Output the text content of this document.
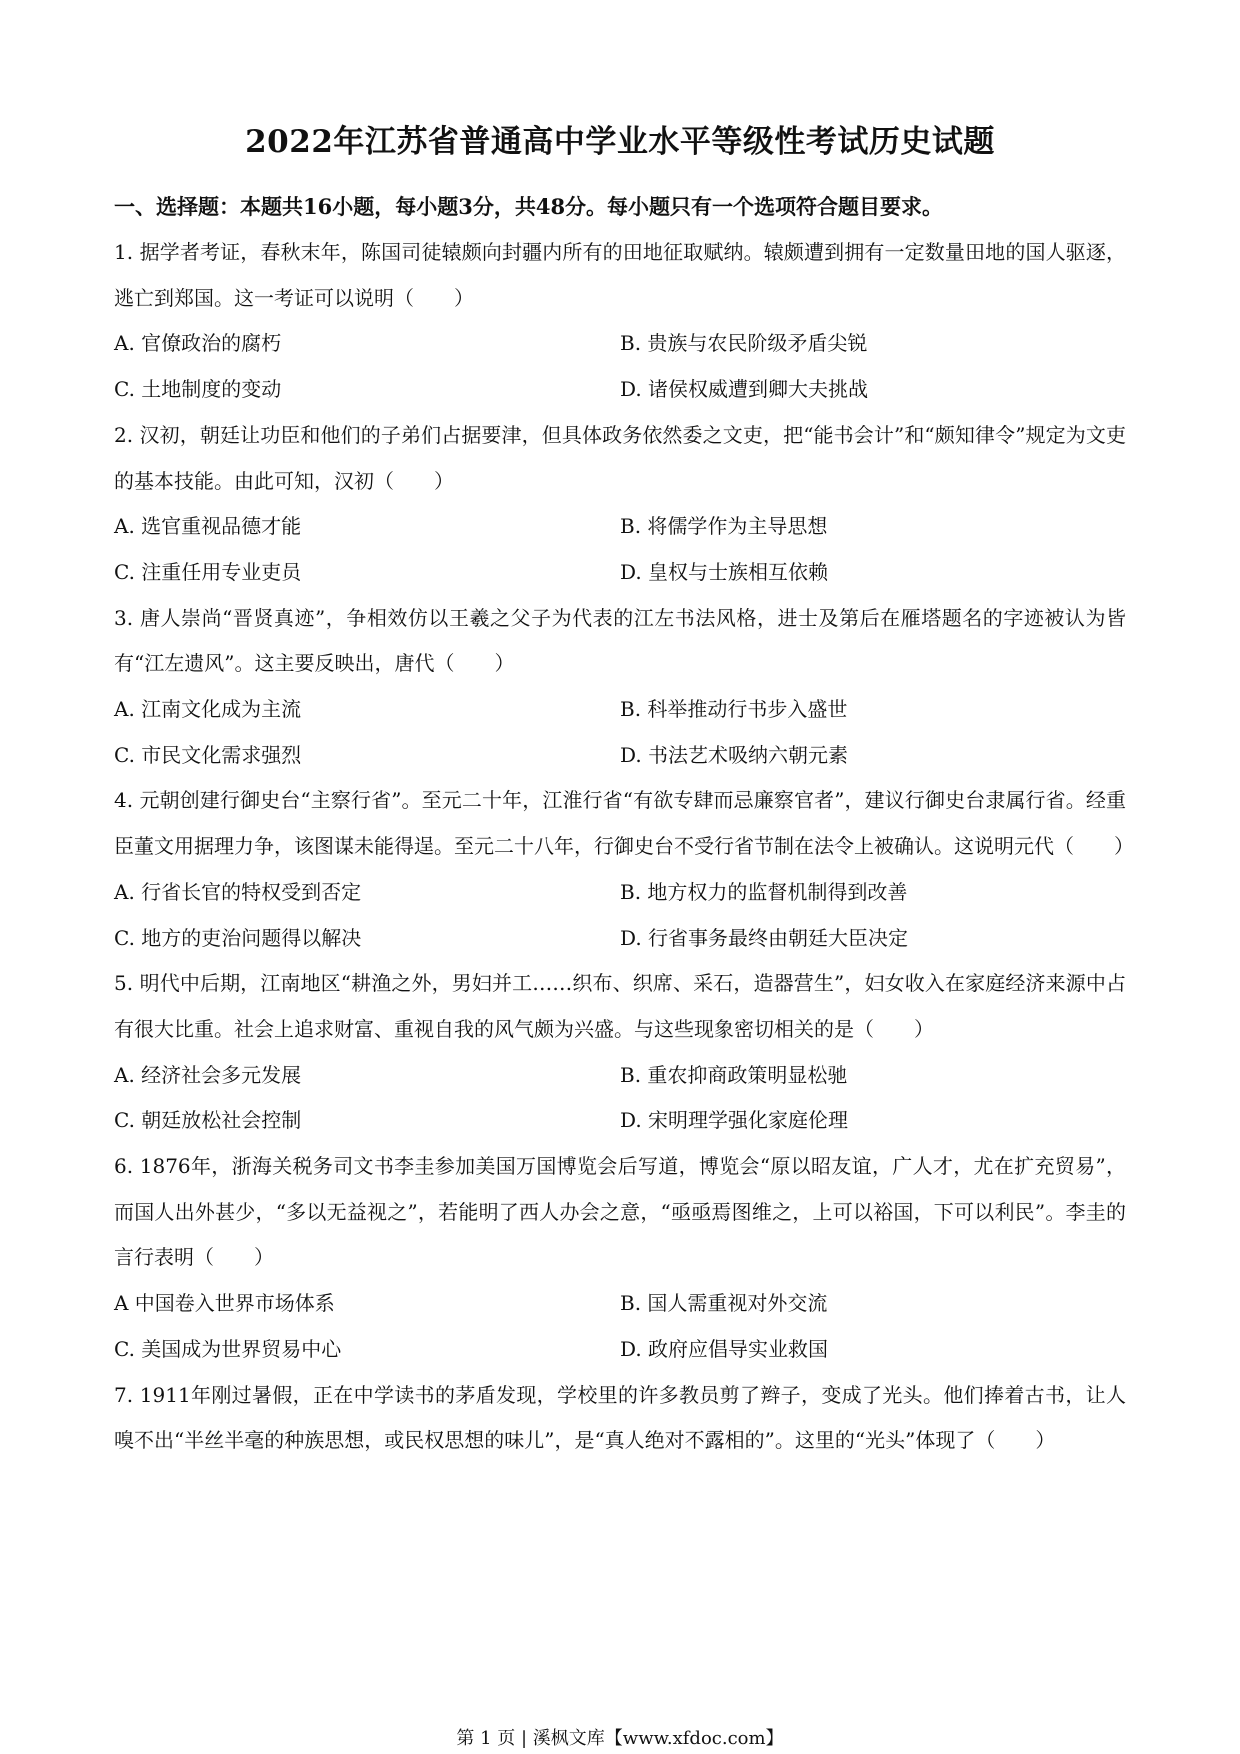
2022年江苏省普通高中学业水平等级性考试历史试题
一、选择题：本题共16小题，每小题3分，共48分。每小题只有一个选项符合题目要求。
1. 据学者考证，春秋末年，陈国司徒辕颇向封疆内所有的田地征取赋纳。辕颇遭到拥有一定数量田地的国人驱逐，逃亡到郑国。这一考证可以说明（　　）
A. 官僚政治的腐朽	B. 贵族与农民阶级矛盾尖锐
C. 土地制度的变动	D. 诸侯权威遭到卿大夫挑战
2. 汉初，朝廷让功臣和他们的子弟们占据要津，但具体政务依然委之文吏，把“能书会计”和“颇知律令”规定为文吏的基本技能。由此可知，汉初（　　）
A. 选官重视品德才能	B. 将儒学作为主导思想
C. 注重任用专业吏员	D. 皇权与士族相互依赖
3. 唐人崇尚“晋贤真迹”，争相效仿以王羲之父子为代表的江左书法风格，进士及第后在雁塔题名的字迹被认为皆有“江左遗风”。这主要反映出，唐代（　　）
A. 江南文化成为主流	B. 科举推动行书步入盛世
C. 市民文化需求强烈	D. 书法艺术吸纳六朝元素
4. 元朝创建行御史台“主察行省”。至元二十年，江淮行省“有欲专肆而忌廉察官者”，建议行御史台隶属行省。经重臣董文用据理力争，该图谋未能得逞。至元二十八年，行御史台不受行省节制在法令上被确认。这说明元代（　　）
A. 行省长官的特权受到否定	B. 地方权力的监督机制得到改善
C. 地方的吏治问题得以解决	D. 行省事务最终由朝廷大臣决定
5. 明代中后期，江南地区“耕渔之外，男妇并工……织布、织席、采石，造器营生”，妇女收入在家庭经济来源中占有很大比重。社会上追求财富、重视自我的风气颇为兴盛。与这些现象密切相关的是（　　）
A. 经济社会多元发展	B. 重农抑商政策明显松驰
C. 朝廷放松社会控制	D. 宋明理学强化家庭伦理
6. 1876年，浙海关税务司文书李圭参加美国万国博览会后写道，博览会“原以昭友谊，广人才，尤在扩充贸易”，而国人出外甚少，“多以无益视之”，若能明了西人办会之意，“亟亟焉图维之，上可以裕国，下可以利民”。李圭的言行表明（　　）
A 中国卷入世界市场体系	B. 国人需重视对外交流
C. 美国成为世界贸易中心	D. 政府应倡导实业救国
7. 1911年刚过暑假，正在中学读书的茅盾发现，学校里的许多教员剪了辫子，变成了光头。他们捧着古书，让人嗅不出“半丝半毫的种族思想，或民权思想的味儿”，是“真人绝对不露相的”。这里的“光头”体现了（　　）
第 1 页 | 溪枫文库【www.xfdoc.com】
